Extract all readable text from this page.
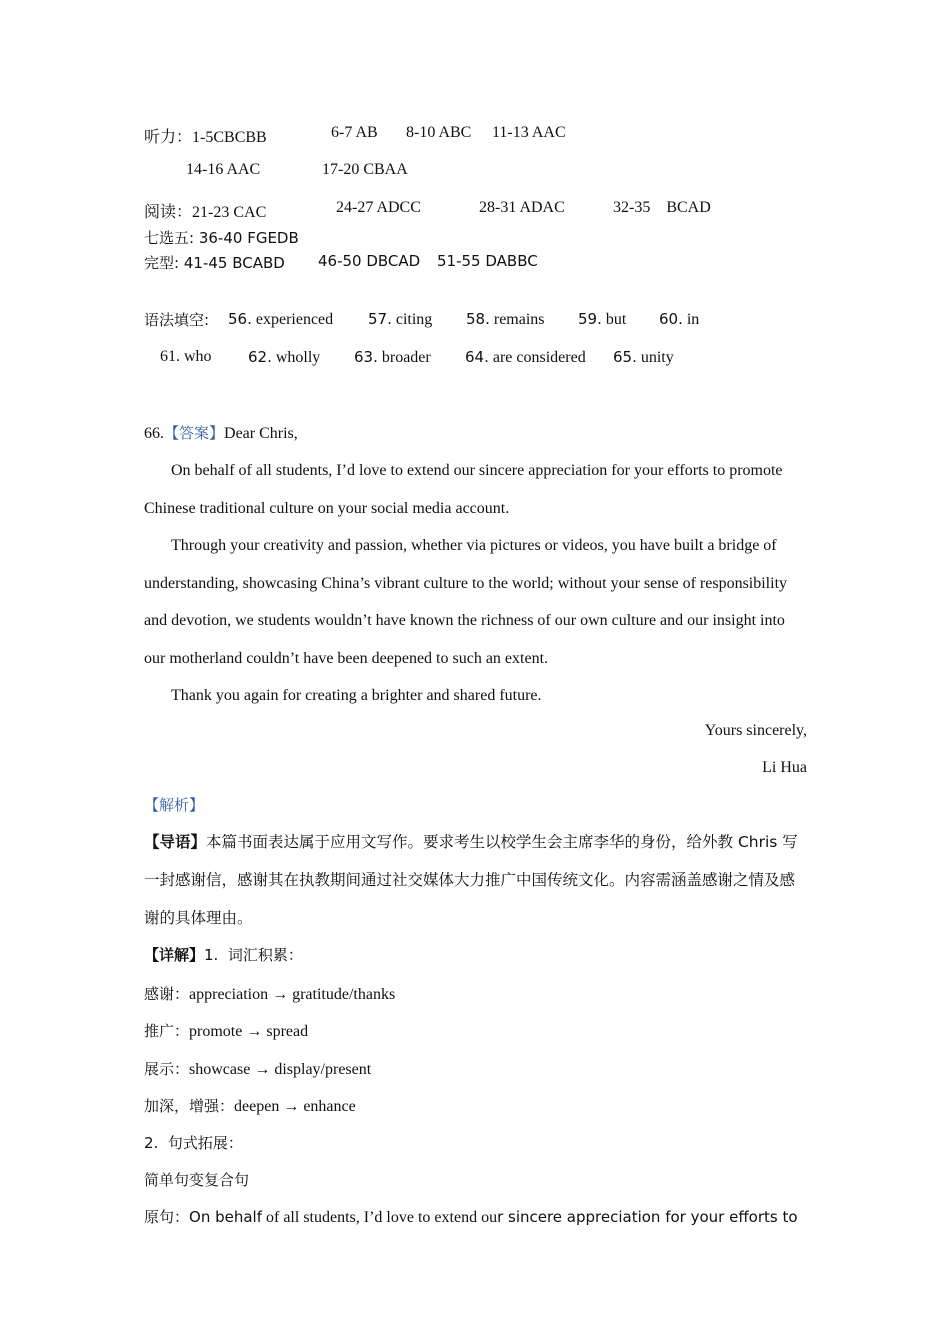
听力：1-5CBCBB	6-7 AB 8-10 ABC 11-13 AAC
14-16 AAC	17-20 CBAA
阅读：21-23 CAC	24-27 ADCC	28-31 ADAC	32-35    BCAD
七选五: 36-40 FGEDB
完型: 41-45 BCABD 46-50 DBCAD 51-55 DABBC
语法填空: 56. experienced 57. citing 58. remains 59. but 60. in
61. who 62. wholly 63. broader 64. are considered 65. unity
66.【答案】Dear Chris,
On behalf of all students, I’d love to extend our sincere appreciation for your efforts to promote Chinese traditional culture on your social media account.
Through your creativity and passion, whether via pictures or videos, you have built a bridge of understanding, showcasing China’s vibrant culture to the world; without your sense of responsibility and devotion, we students wouldn’t have known the richness of our own culture and our insight into our motherland couldn’t have been deepened to such an extent.
Thank you again for creating a brighter and shared future.
Yours sincerely,
Li Hua
【解析】
【导语】本篇书面表达属于应用文写作。要求考生以校学生会主席李华的身份，给外教 Chris 写一封感谢信，感谢其在执教期间通过社交媒体大力推广中国传统文化。内容需涵盖感谢之情及感谢的具体理由。
【详解】1. 词汇积累：
感谢：appreciation → gratitude/thanks
推广：promote → spread
展示：showcase → display/present
加深，增强：deepen → enhance
2. 句式拓展：
简单句变复合句
原句：On behalf of all students, I’d love to extend our sincere appreciation for your efforts to
